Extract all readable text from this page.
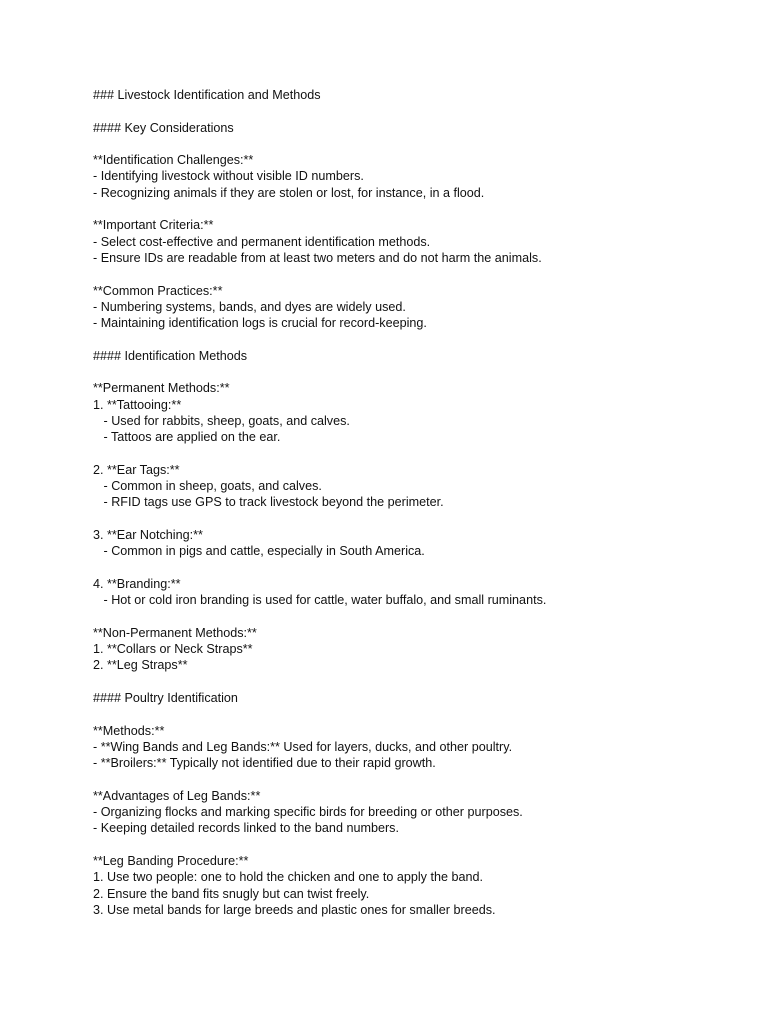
### Livestock Identification and Methods
#### Key Considerations
**Identification Challenges:**
- Identifying livestock without visible ID numbers.
- Recognizing animals if they are stolen or lost, for instance, in a flood.
**Important Criteria:**
- Select cost-effective and permanent identification methods.
- Ensure IDs are readable from at least two meters and do not harm the animals.
**Common Practices:**
- Numbering systems, bands, and dyes are widely used.
- Maintaining identification logs is crucial for record-keeping.
#### Identification Methods
**Permanent Methods:**
1. **Tattooing:**
- Used for rabbits, sheep, goats, and calves.
- Tattoos are applied on the ear.
2. **Ear Tags:**
- Common in sheep, goats, and calves.
- RFID tags use GPS to track livestock beyond the perimeter.
3. **Ear Notching:**
- Common in pigs and cattle, especially in South America.
4. **Branding:**
- Hot or cold iron branding is used for cattle, water buffalo, and small ruminants.
**Non-Permanent Methods:**
1. **Collars or Neck Straps**
2. **Leg Straps**
#### Poultry Identification
**Methods:**
- **Wing Bands and Leg Bands:** Used for layers, ducks, and other poultry.
- **Broilers:** Typically not identified due to their rapid growth.
**Advantages of Leg Bands:**
- Organizing flocks and marking specific birds for breeding or other purposes.
- Keeping detailed records linked to the band numbers.
**Leg Banding Procedure:**
1. Use two people: one to hold the chicken and one to apply the band.
2. Ensure the band fits snugly but can twist freely.
3. Use metal bands for large breeds and plastic ones for smaller breeds.
